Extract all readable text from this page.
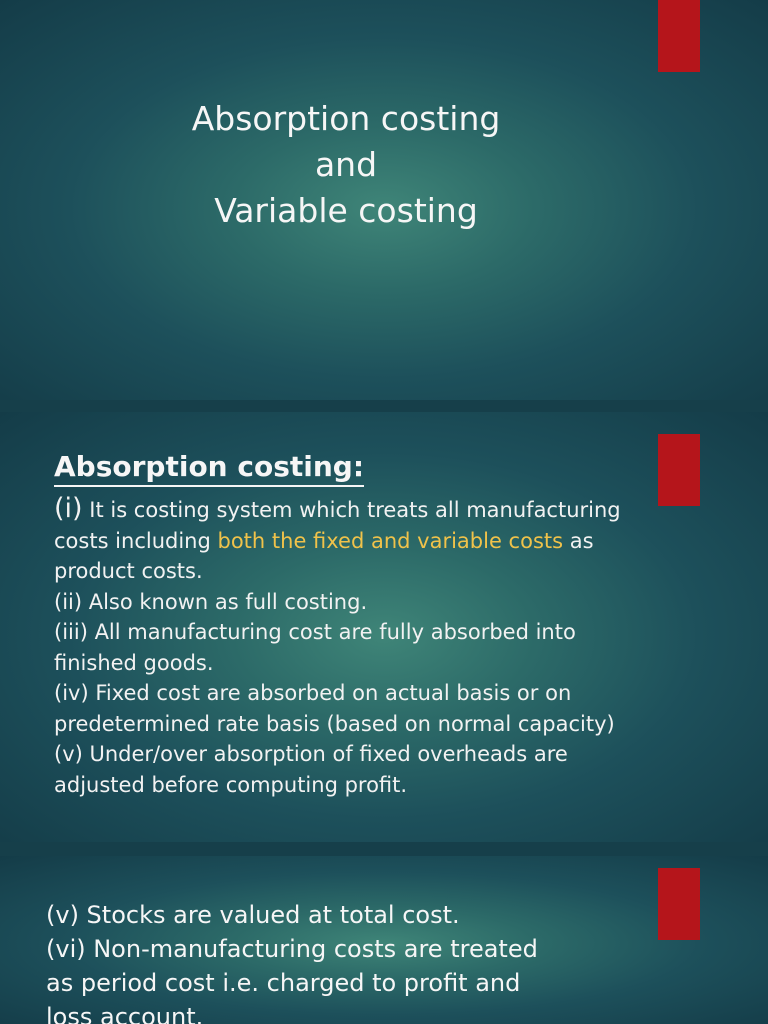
Absorption costing
and
Variable costing
Absorption costing:

(i) It is costing system which treats all manufacturing

costs including both the fixed and variable costs as

product costs.

(ii) Also known as full costing.

(iii) All manufacturing cost are fully absorbed into

finished goods.

(iv) Fixed cost are absorbed on actual basis or on

predetermined rate basis (based on normal capacity)

(v) Under/over absorption of fixed overheads are

adjusted before computing profit.

(v) Stocks are valued at total cost.

(vi) Non-manufacturing costs are treated

as period cost i.e. charged to profit and

loss account.
